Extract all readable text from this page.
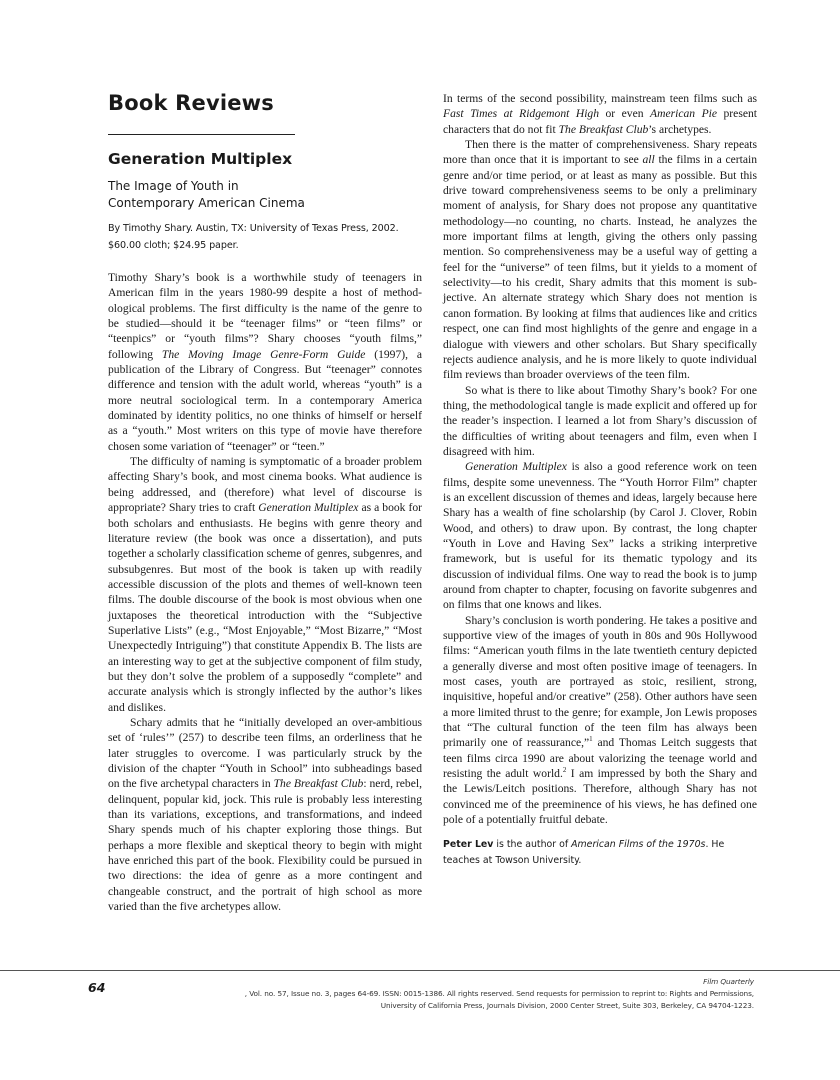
Book Reviews
Generation Multiplex
The Image of Youth in
Contemporary American Cinema
By Timothy Shary. Austin, TX: University of Texas Press, 2002.
$60.00 cloth; $24.95 paper.

Timothy Shary’s book is a worthwhile study of teenagers in American film in the years 1980-99 despite a host of methodological problems. The first difficulty is the name of the genre to be studied—should it be “teenager films” or “teen films” or “teenpics” or “youth films”? Shary chooses “youth films,” following The Moving Image Genre-Form Guide (1997), a publication of the Library of Congress. But “teenager” connotes difference and tension with the adult world, whereas “youth” is a more neutral sociological term. In a contemporary America dominated by identity politics, no one thinks of himself or herself as a “youth.” Most writers on this type of movie have therefore chosen some variation of “teenager” or “teen.”

The difficulty of naming is symptomatic of a broader problem affecting Shary’s book, and most cinema books. What audience is being addressed, and (therefore) what level of discourse is appropriate? Shary tries to craft Generation Multiplex as a book for both scholars and enthusiasts. He begins with genre theory and literature review (the book was once a dissertation), and puts together a scholarly classification scheme of genres, subgenres, and subsubgenres. But most of the book is taken up with readily accessible discussion of the plots and themes of well-known teen films. The double discourse of the book is most obvious when one juxtaposes the theoretical introduction with the “Subjective Superlative Lists” (e.g., “Most Enjoyable,” “Most Bizarre,” “Most Unexpectedly Intriguing”) that constitute Appendix B. The lists are an interesting way to get at the subjective component of film study, but they don’t solve the problem of a supposedly “complete” and accurate analysis which is strongly inflected by the author’s likes and dislikes.

Schary admits that he “initially developed an over-ambitious set of ‘rules’” (257) to describe teen films, an orderliness that he later struggles to overcome. I was particularly struck by the division of the chapter “Youth in School” into subheadings based on the five archetypal characters in The Breakfast Club: nerd, rebel, delinquent, popular kid, jock. This rule is probably less interesting than its variations, exceptions, and transformations, and indeed Shary spends much of his chapter exploring those things. But perhaps a more flexible and skeptical theory to begin with might have enriched this part of the book. Flexibility could be pursued in two directions: the idea of genre as a more contingent and changeable construct, and the portrait of high school as more varied than the five archetypes allow.

In terms of the second possibility, mainstream teen films such as Fast Times at Ridgemont High or even American Pie present characters that do not fit The Breakfast Club’s archetypes.

Then there is the matter of comprehensiveness. Shary repeats more than once that it is important to see all the films in a certain genre and/or time period, or at least as many as possible. But this drive toward comprehensiveness seems to be only a preliminary moment of analysis, for Shary does not propose any quantitative methodology—no counting, no charts. Instead, he analyzes the more important films at length, giving the others only passing mention. So comprehensiveness may be a useful way of getting a feel for the “universe” of teen films, but it yields to a moment of selectivity—to his credit, Shary admits that this moment is subjective. An alternate strategy which Shary does not mention is canon formation. By looking at films that audiences like and critics respect, one can find most highlights of the genre and engage in a dialogue with viewers and other scholars. But Shary specifically rejects audience analysis, and he is more likely to quote individual film reviews than broader overviews of the teen film.

So what is there to like about Timothy Shary’s book? For one thing, the methodological tangle is made explicit and offered up for the reader’s inspection. I learned a lot from Shary’s discussion of the difficulties of writing about teenagers and film, even when I disagreed with him.

Generation Multiplex is also a good reference work on teen films, despite some unevenness. The “Youth Horror Film” chapter is an excellent discussion of themes and ideas, largely because here Shary has a wealth of fine scholarship (by Carol J. Clover, Robin Wood, and others) to draw upon. By contrast, the long chapter “Youth in Love and Having Sex” lacks a striking interpretive framework, but is useful for its thematic typology and its discussion of individual films. One way to read the book is to jump around from chapter to chapter, focusing on favorite subgenres and on films that one knows and likes.

Shary’s conclusion is worth pondering. He takes a positive and supportive view of the images of youth in 80s and 90s Hollywood films: “American youth films in the late twentieth century depicted a generally diverse and most often positive image of teenagers. In most cases, youth are portrayed as stoic, resilient, strong, inquisitive, hopeful and/or creative” (258). Other authors have seen a more limited thrust to the genre; for example, Jon Lewis proposes that “The cultural function of the teen film has always been primarily one of reassurance,”$^1$ and Thomas Leitch suggests that teen films circa 1990 are about valorizing the teenage world and resisting the adult world.$^2$ I am impressed by both the Shary and the Lewis/Leitch positions. Therefore, although Shary has not convinced me of the preeminence of his views, he has defined one pole of a potentially fruitful debate.

Peter Lev is the author of American Films of the 1970s. He teaches at Towson University.
64	Film Quarterly
, Vol. no. 57, Issue no. 3, pages 64-69. ISSN: 0015-1386. All rights reserved. Send requests for permission to reprint to: Rights and Permissions,
University of California Press, Journals Division, 2000 Center Street, Suite 303, Berkeley, CA 94704-1223.
